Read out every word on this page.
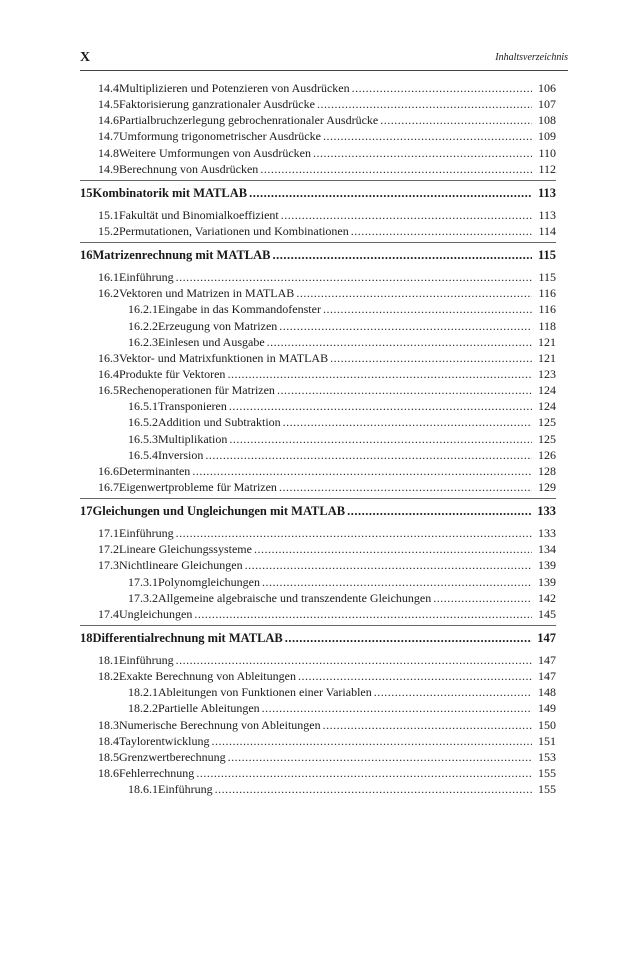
X	Inhaltsverzeichnis
14.4 Multiplizieren und Potenzieren von Ausdrücken .....	106
14.5 Faktorisierung ganzrationaler Ausdrücke .....	107
14.6 Partialbruchzerlegung gebrochenrationaler Ausdrücke .....	108
14.7 Umformung trigonometrischer Ausdrücke .....	109
14.8 Weitere Umformungen von Ausdrücken .....	110
14.9 Berechnung von Ausdrücken .....	112
15 Kombinatorik mit MATLAB .....	113
15.1 Fakultät und Binomialkoeffizient .....	113
15.2 Permutationen, Variationen und Kombinationen .....	114
16 Matrizenrechnung mit MATLAB .....	115
16.1 Einführung .....	115
16.2 Vektoren und Matrizen in MATLAB .....	116
16.2.1 Eingabe in das Kommandofenster .....	116
16.2.2 Erzeugung von Matrizen .....	118
16.2.3 Einlesen und Ausgabe .....	121
16.3 Vektor- und Matrixfunktionen in MATLAB .....	121
16.4 Produkte für Vektoren .....	123
16.5 Rechenoperationen für Matrizen .....	124
16.5.1 Transponieren .....	124
16.5.2 Addition und Subtraktion .....	125
16.5.3 Multiplikation .....	125
16.5.4 Inversion .....	126
16.6 Determinanten .....	128
16.7 Eigenwertprobleme für Matrizen .....	129
17 Gleichungen und Ungleichungen mit MATLAB .....	133
17.1 Einführung .....	133
17.2 Lineare Gleichungssysteme .....	134
17.3 Nichtlineare Gleichungen .....	139
17.3.1 Polynomgleichungen .....	139
17.3.2 Allgemeine algebraische und transzendente Gleichungen .....	142
17.4 Ungleichungen .....	145
18 Differentialrechnung mit MATLAB .....	147
18.1 Einführung .....	147
18.2 Exakte Berechnung von Ableitungen .....	147
18.2.1 Ableitungen von Funktionen einer Variablen .....	148
18.2.2 Partielle Ableitungen .....	149
18.3 Numerische Berechnung von Ableitungen .....	150
18.4 Taylorentwicklung .....	151
18.5 Grenzwertberechnung .....	153
18.6 Fehlerrechnung .....	155
18.6.1 Einführung .....	155
